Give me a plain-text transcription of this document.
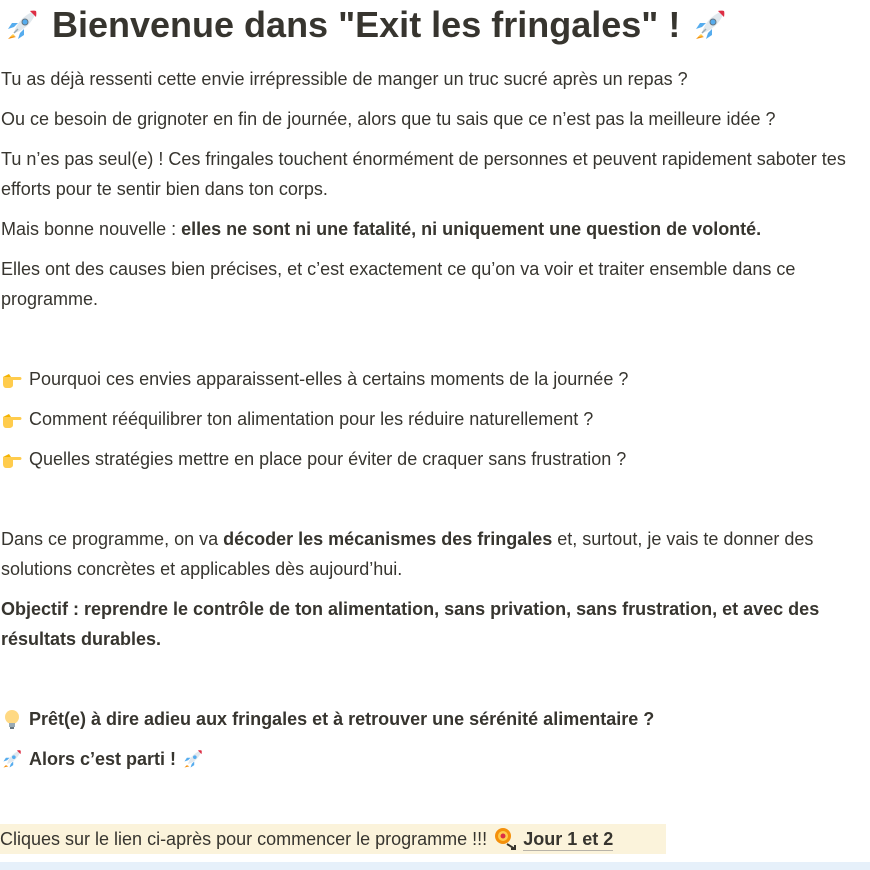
Bienvenue dans "Exit les fringales" !

Tu as déjà ressenti cette envie irrépressible de manger un truc sucré après un repas ?

Ou ce besoin de grignoter en fin de journée, alors que tu sais que ce n’est pas la meilleure idée ?

Tu n’es pas seul(e) ! Ces fringales touchent énormément de personnes et peuvent rapidement saboter tes efforts pour te sentir bien dans ton corps.

Mais bonne nouvelle : elles ne sont ni une fatalité, ni uniquement une question de volonté.

Elles ont des causes bien précises, et c’est exactement ce qu’on va voir et traiter ensemble dans ce programme.

Pourquoi ces envies apparaissent-elles à certains moments de la journée ?
Comment rééquilibrer ton alimentation pour les réduire naturellement ?
Quelles stratégies mettre en place pour éviter de craquer sans frustration ?

Dans ce programme, on va décoder les mécanismes des fringales et, surtout, je vais te donner des solutions concrètes et applicables dès aujourd’hui.

Objectif : reprendre le contrôle de ton alimentation, sans privation, sans frustration, et avec des résultats durables.

Prêt(e) à dire adieu aux fringales et à retrouver une sérénité alimentaire ?
Alors c’est parti !
Cliques sur le lien ci-après pour commencer le programme !!! Jour 1 et 2
